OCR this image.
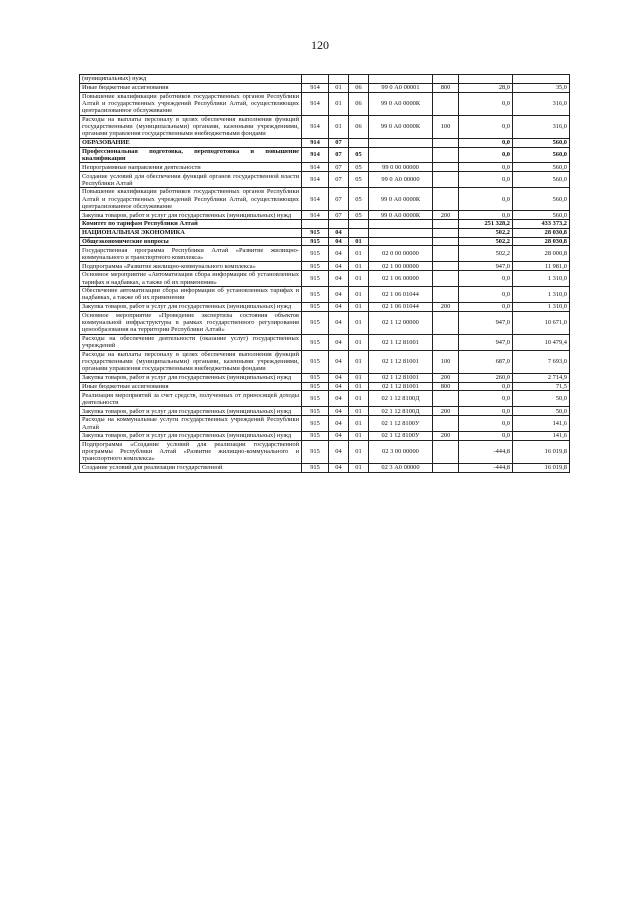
120
(муниципальных) нужд							
Иные бюджетные ассигнования	914	01	06	99 0 А0 00001	800	28,0	35,0
Повышение квалификации работников государственных органов Республики Алтай и государственных учреждений Республики Алтай, осуществляющих централизованное обслуживание	914	01	06	99 0 А0 0000К		0,0	316,0
Расходы на выплаты персоналу в целях обеспечения выполнения функций государственными (муниципальными) органами, казенными учреждениями, органами управления государственными внебюджетными фондами	914	01	06	99 0 А0 0000К	100	0,0	316,0
ОБРАЗОВАНИЕ	914	07				0,0	560,0
Профессиональная подготовка, переподготовка и повышение квалификации	914	07	05			0,0	560,0
Непрограммные направления деятельности	914	07	05	99 0 00 00000		0,0	560,0
Создание условий для обеспечения функций органов государственной власти Республики Алтай	914	07	05	99 0 А0 00000		0,0	560,0
Повышение квалификации работников государственных органов Республики Алтай и государственных учреждений Республики Алтай, осуществляющих централизованное обслуживание	914	07	05	99 0 А0 0000К		0,0	560,0
Закупка товаров, работ и услуг для государственных (муниципальных) нужд	914	07	05	99 0 А0 0000К	200	0,0	560,0
Комитет по тарифам Республики Алтай						251 328,2	433 373,2
НАЦИОНАЛЬНАЯ ЭКОНОМИКА	915	04				502,2	28 030,8
Общеэкономические вопросы	915	04	01			502,2	28 030,8
Государственная программа Республики Алтай «Развитие жилищно-коммунального и транспортного комплекса»	915	04	01	02 0 00 00000		502,2	28 000,8
Подпрограмма «Развитие жилищно-коммунального комплекса»	915	04	01	02 1 00 00000		947,0	11 981,0
Основное мероприятие «Автоматизация сбора информации об установленных тарифах и надбавках, а также об их применении»	915	04	01	02 1 06 00000		0,0	1 310,0
Обеспечение автоматизации сбора информации об установленных тарифах и надбавках, а также об их применении	915	04	01	02 1 06 01044		0,0	1 310,0
Закупка товаров, работ и услуг для государственных (муниципальных) нужд	915	04	01	02 1 06 01044	200	0,0	1 310,0
Основное мероприятие «Проведение экспертизы состояния объектов коммунальной инфраструктуры в рамках государственного регулирования ценообразования на территории Республики Алтай»	915	04	01	02 1 12 00000		947,0	10 671,0
Расходы на обеспечение деятельности (оказание услуг) государственных учреждений	915	04	01	02 1 12 81001		947,0	10 479,4
Расходы на выплаты персоналу в целях обеспечения выполнения функций государственными (муниципальными) органами, казенными учреждениями, органами управления государственными внебюджетными фондами	915	04	01	02 1 12 81001	100	687,0	7 693,0
Закупка товаров, работ и услуг для государственных (муниципальных) нужд	915	04	01	02 1 12 81001	200	260,0	2 714,9
Иные бюджетные ассигнования	915	04	01	02 1 12 81001	800	0,0	71,5
Реализация мероприятий за счет средств, полученных от приносящей доходы деятельности	915	04	01	02 1 12 8100Д		0,0	50,0
Закупка товаров, работ и услуг для государственных (муниципальных) нужд	915	04	01	02 1 12 8100Д	200	0,0	50,0
Расходы на коммунальные услуги государственных учреждений Республики Алтай	915	04	01	02 1 12 8100У		0,0	141,6
Закупка товаров, работ и услуг для государственных (муниципальных) нужд	915	04	01	02 1 12 8100У	200	0,0	141,6
Подпрограмма «Создание условий для реализации государственной программы Республики Алтай «Развитие жилищно-коммунального и транспортного комплекса»	915	04	01	02 3 00 00000		-444,8	16 019,8
Создание условий для реализации государственной	915	04	01	02 3 А0 00000		-444,8	16 019,8
